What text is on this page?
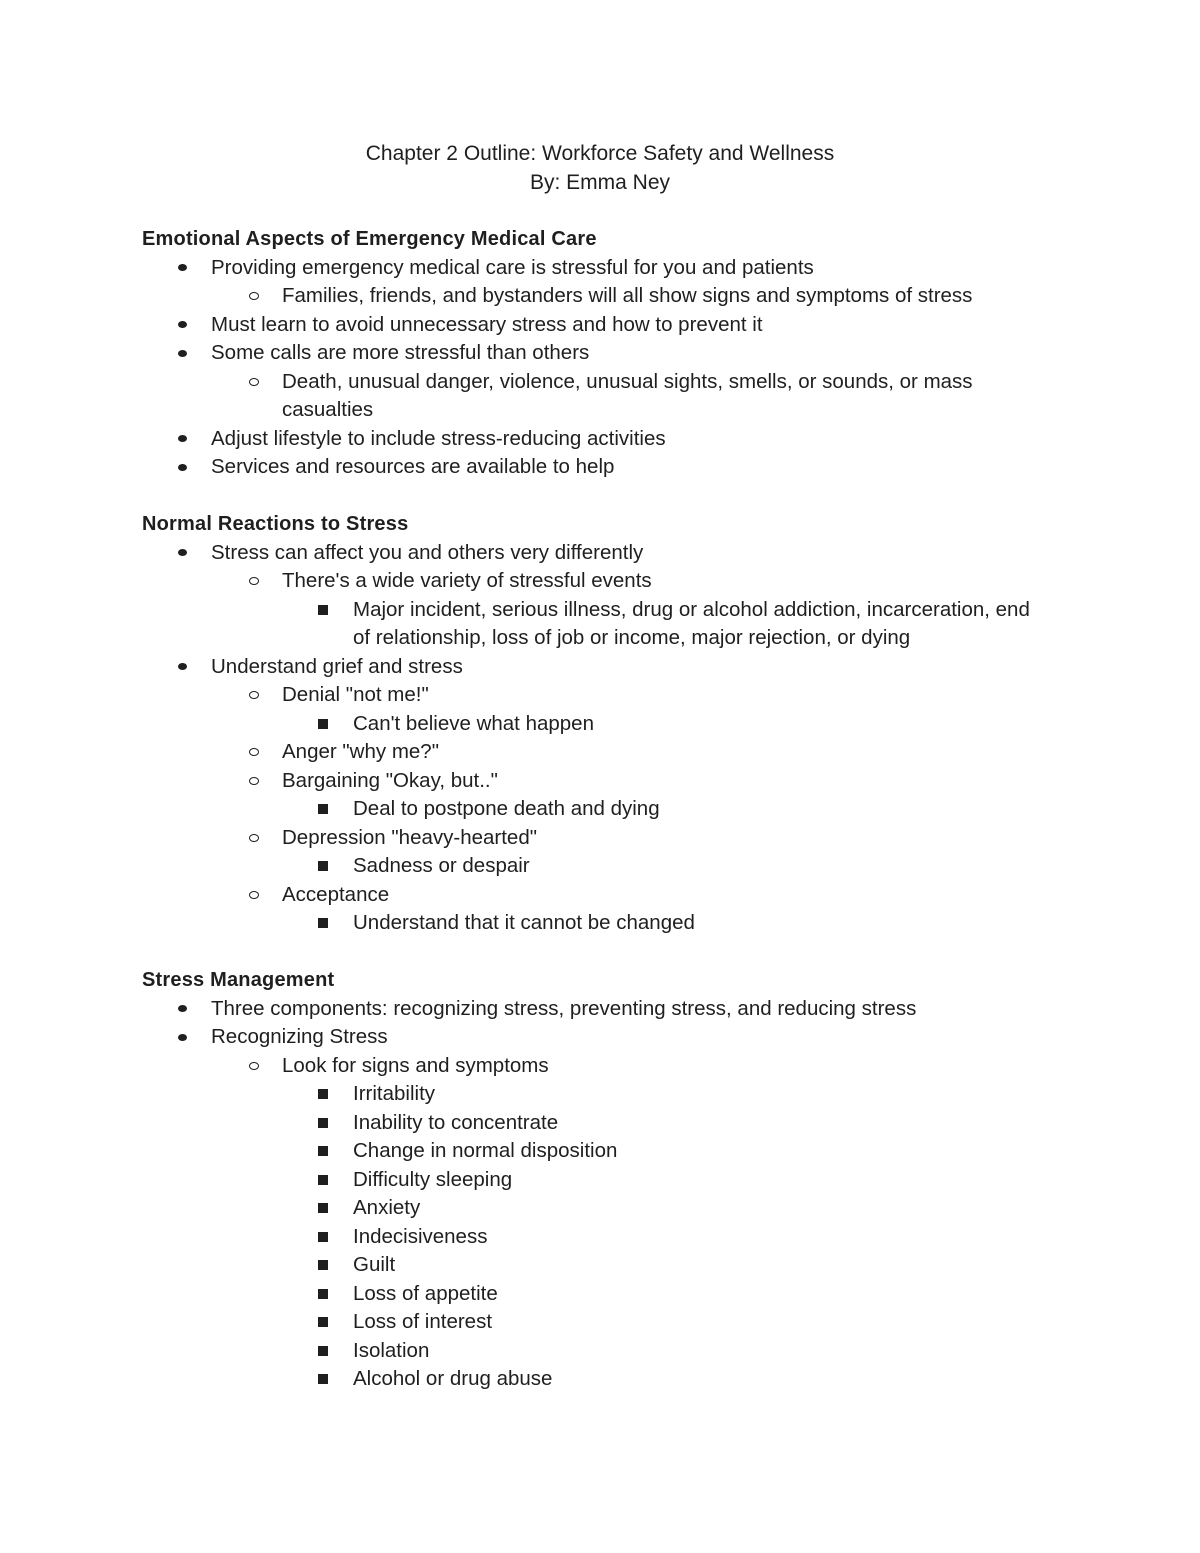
Chapter 2 Outline: Workforce Safety and Wellness

By: Emma Ney

Emotional Aspects of Emergency Medical Care

Providing emergency medical care is stressful for you and patients
Families, friends, and bystanders will all show signs and symptoms of stress
Must learn to avoid unnecessary stress and how to prevent it
Some calls are more stressful than others
Death, unusual danger, violence, unusual sights, smells, or sounds, or mass casualties
Adjust lifestyle to include stress-reducing activities
Services and resources are available to help

Normal Reactions to Stress

Stress can affect you and others very differently
There's a wide variety of stressful events
Major incident, serious illness, drug or alcohol addiction, incarceration, end of relationship, loss of job or income, major rejection, or dying
Understand grief and stress
Denial "not me!"
Can't believe what happen
Anger "why me?"
Bargaining "Okay, but.."
Deal to postpone death and dying
Depression "heavy-hearted"
Sadness or despair
Acceptance
Understand that it cannot be changed

Stress Management

Three components: recognizing stress, preventing stress, and reducing stress
Recognizing Stress
Look for signs and symptoms
Irritability
Inability to concentrate
Change in normal disposition
Difficulty sleeping
Anxiety
Indecisiveness
Guilt
Loss of appetite
Loss of interest
Isolation
Alcohol or drug abuse
